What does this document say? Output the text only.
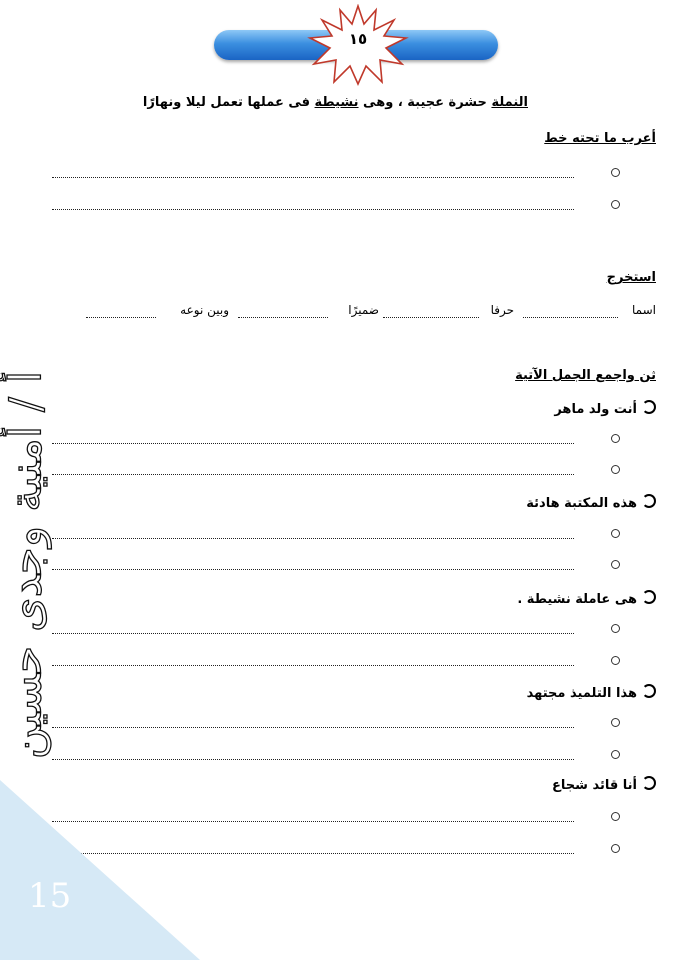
١٥
النملة حشرة عجيبة ، وهى نشيطة فى عملها تعمل ليلا ونهارًا
أعرب ما تحته خط
استخرج
اسما
حرفا
ضميرًا
وبين نوعه
ثن واجمع الجمل الآتية
أنت ولد ماهر
هذه المكتبة هادئة
هى عاملة نشيطة .
هذا التلميذ مجتهد
أنا قائد شجاع
أ / أمنية وجدى حسين
15
